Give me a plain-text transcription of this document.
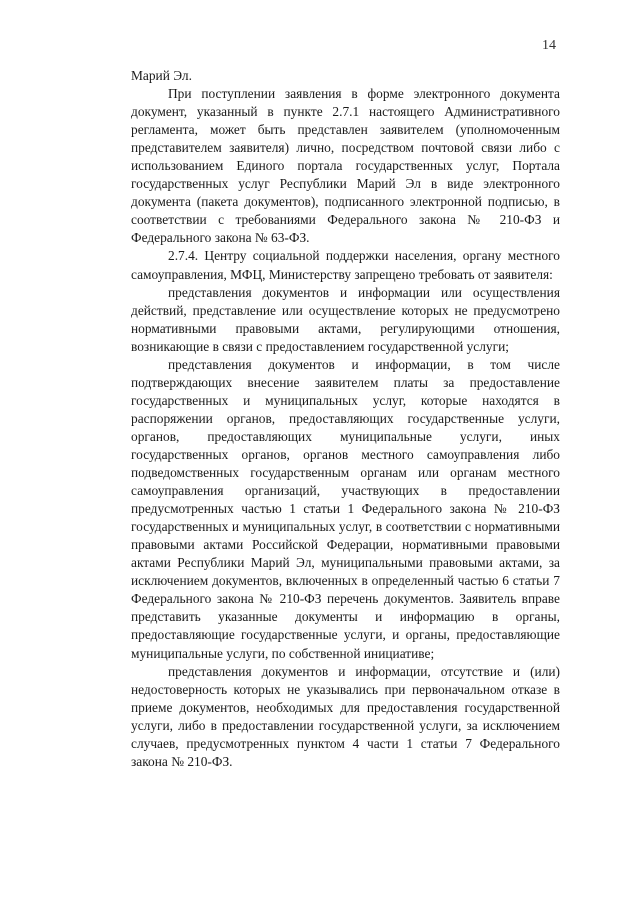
14

Марий Эл.

При поступлении заявления в форме электронного документа документ, указанный в пункте 2.7.1 настоящего Административного регламента, может быть представлен заявителем (уполномоченным представителем заявителя) лично, посредством почтовой связи либо с использованием Единого портала государственных услуг, Портала государственных услуг Республики Марий Эл в виде электронного документа (пакета документов), подписанного электронной подписью, в соответствии с требованиями Федерального закона № 210-ФЗ и Федерального закона № 63-ФЗ.

2.7.4. Центру социальной поддержки населения, органу местного самоуправления, МФЦ, Министерству запрещено требовать от заявителя:

представления документов и информации или осуществления действий, представление или осуществление которых не предусмотрено нормативными правовыми актами, регулирующими отношения, возникающие в связи с предоставлением государственной услуги;

представления документов и информации, в том числе подтверждающих внесение заявителем платы за предоставление государственных и муниципальных услуг, которые находятся в распоряжении органов, предоставляющих государственные услуги, органов, предоставляющих муниципальные услуги, иных государственных органов, органов местного самоуправления либо подведомственных государственным органам или органам местного самоуправления организаций, участвующих в предоставлении предусмотренных частью 1 статьи 1 Федерального закона № 210-ФЗ государственных и муниципальных услуг, в соответствии с нормативными правовыми актами Российской Федерации, нормативными правовыми актами Республики Марий Эл, муниципальными правовыми актами, за исключением документов, включенных в определенный частью 6 статьи 7 Федерального закона № 210-ФЗ перечень документов. Заявитель вправе представить указанные документы и информацию в органы, предоставляющие государственные услуги, и органы, предоставляющие муниципальные услуги, по собственной инициативе;

представления документов и информации, отсутствие и (или) недостоверность которых не указывались при первоначальном отказе в приеме документов, необходимых для предоставления государственной услуги, либо в предоставлении государственной услуги, за исключением случаев, предусмотренных пунктом 4 части 1 статьи 7 Федерального закона № 210-ФЗ.
